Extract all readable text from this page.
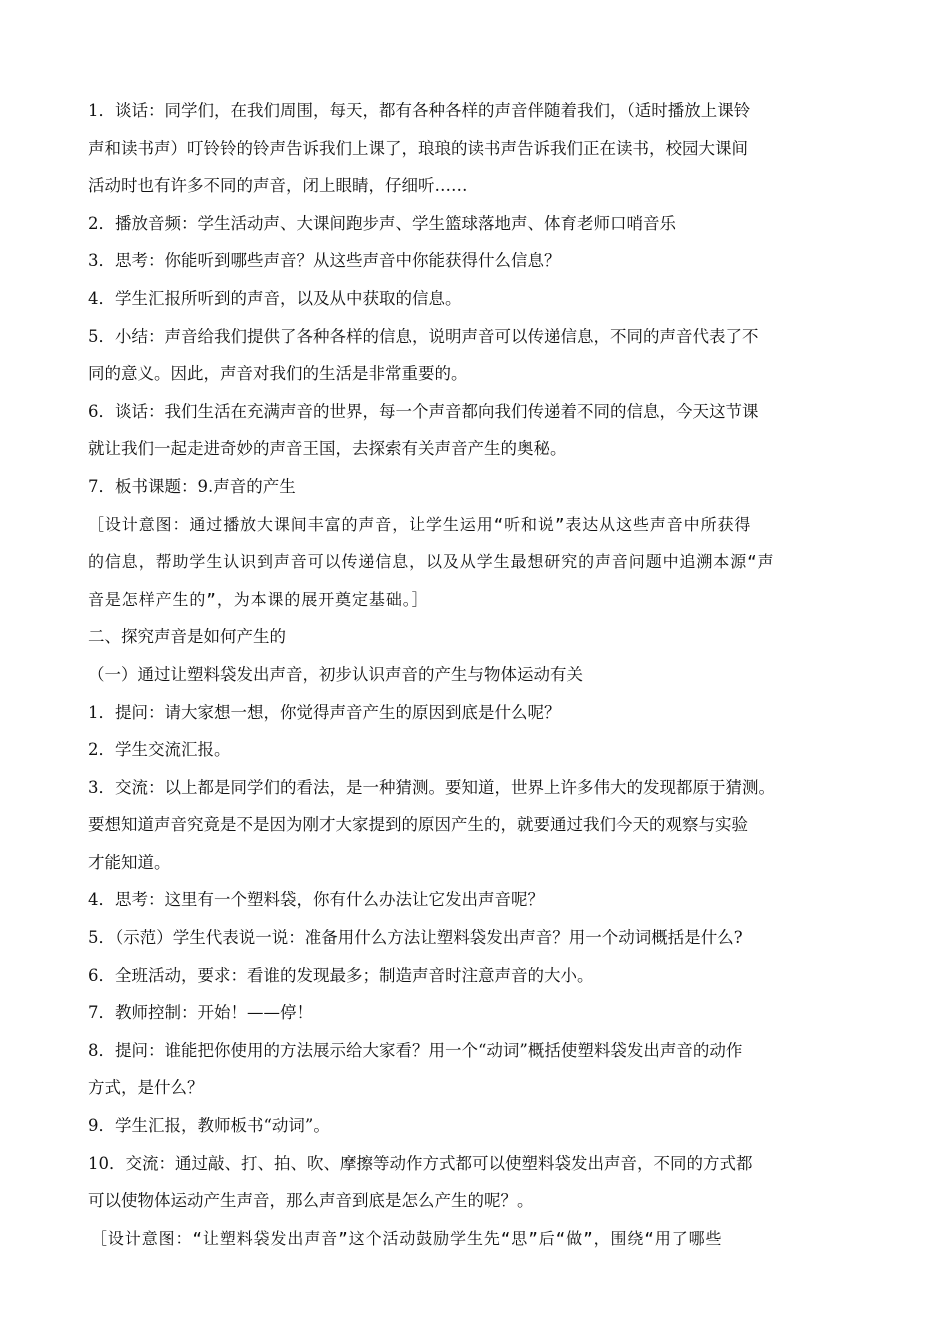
1．谈话：同学们，在我们周围，每天，都有各种各样的声音伴随着我们，（适时播放上课铃

声和读书声）叮铃铃的铃声告诉我们上课了，琅琅的读书声告诉我们正在读书，校园大课间

活动时也有许多不同的声音，闭上眼睛，仔细听……

2．播放音频：学生活动声、大课间跑步声、学生篮球落地声、体育老师口哨音乐

3．思考：你能听到哪些声音？从这些声音中你能获得什么信息？

4．学生汇报所听到的声音，以及从中获取的信息。

5．小结：声音给我们提供了各种各样的信息，说明声音可以传递信息，不同的声音代表了不

同的意义。因此，声音对我们的生活是非常重要的。

6．谈话：我们生活在充满声音的世界，每一个声音都向我们传递着不同的信息，今天这节课

就让我们一起走进奇妙的声音王国，去探索有关声音产生的奥秘。

7．板书课题：9.声音的产生

［设计意图：通过播放大课间丰富的声音，让学生运用“听和说”表达从这些声音中所获得

的信息，帮助学生认识到声音可以传递信息，以及从学生最想研究的声音问题中追溯本源“声

音是怎样产生的”，为本课的展开奠定基础。］

二、探究声音是如何产生的

（一）通过让塑料袋发出声音，初步认识声音的产生与物体运动有关

1．提问：请大家想一想，你觉得声音产生的原因到底是什么呢？

2．学生交流汇报。

3．交流：以上都是同学们的看法，是一种猜测。要知道，世界上许多伟大的发现都原于猜测。

要想知道声音究竟是不是因为刚才大家提到的原因产生的，就要通过我们今天的观察与实验

才能知道。

4．思考：这里有一个塑料袋，你有什么办法让它发出声音呢？

5．（示范）学生代表说一说：准备用什么方法让塑料袋发出声音？用一个动词概括是什么?

6．全班活动，要求：看谁的发现最多；制造声音时注意声音的大小。

7．教师控制：开始！——停！

8．提问：谁能把你使用的方法展示给大家看？用一个“动词”概括使塑料袋发出声音的动作

方式，是什么？

9．学生汇报，教师板书“动词”。

10．交流：通过敲、打、拍、吹、摩擦等动作方式都可以使塑料袋发出声音，不同的方式都

可以使物体运动产生声音，那么声音到底是怎么产生的呢？。

［设计意图：“让塑料袋发出声音”这个活动鼓励学生先“思”后“做”，围绕“用了哪些
